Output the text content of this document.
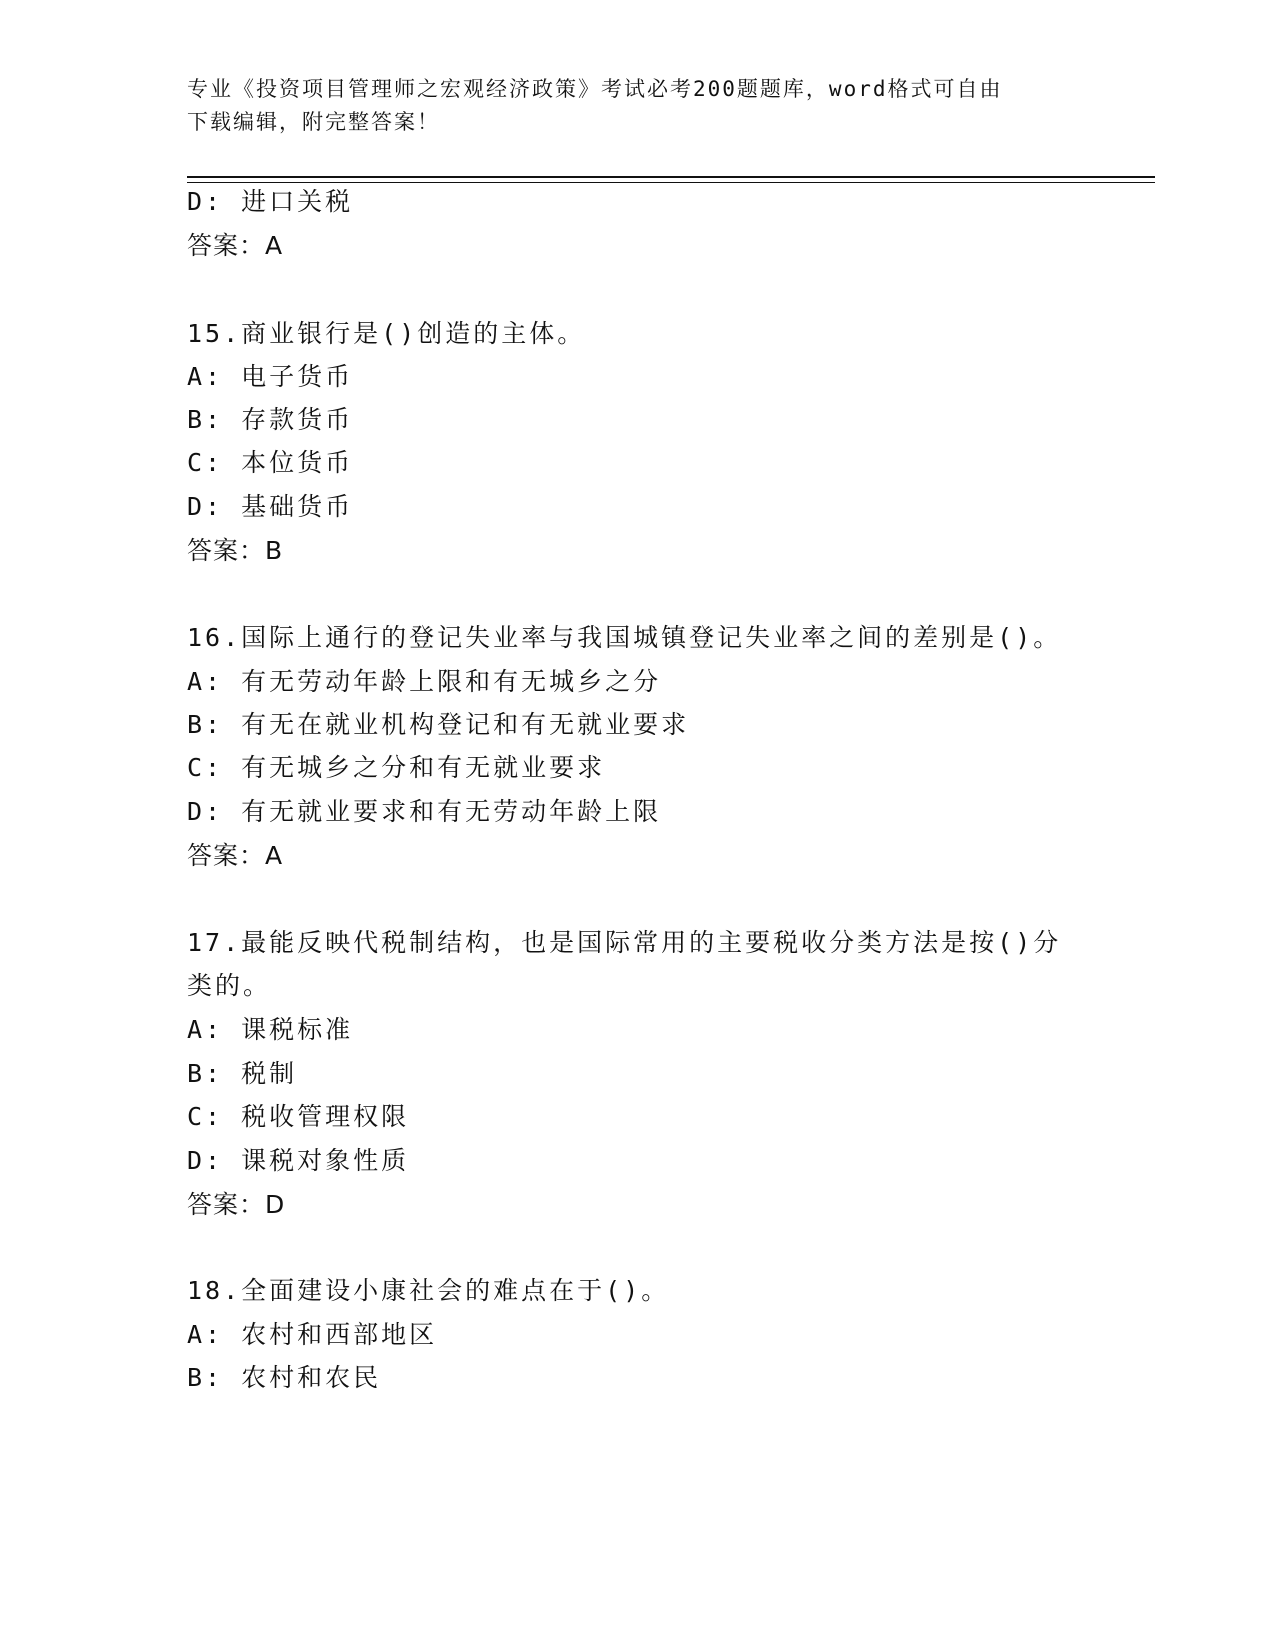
专业《投资项目管理师之宏观经济政策》考试必考200题题库，word格式可自由
下载编辑，附完整答案！
D: 进口关税
答案：A
15.商业银行是()创造的主体。
A: 电子货币
B: 存款货币
C: 本位货币
D: 基础货币
答案：B
16.国际上通行的登记失业率与我国城镇登记失业率之间的差别是()。
A: 有无劳动年龄上限和有无城乡之分
B: 有无在就业机构登记和有无就业要求
C: 有无城乡之分和有无就业要求
D: 有无就业要求和有无劳动年龄上限
答案：A
17.最能反映代税制结构，也是国际常用的主要税收分类方法是按()分
类的。
A: 课税标准
B: 税制
C: 税收管理权限
D: 课税对象性质
答案：D
18.全面建设小康社会的难点在于()。
A: 农村和西部地区
B: 农村和农民
